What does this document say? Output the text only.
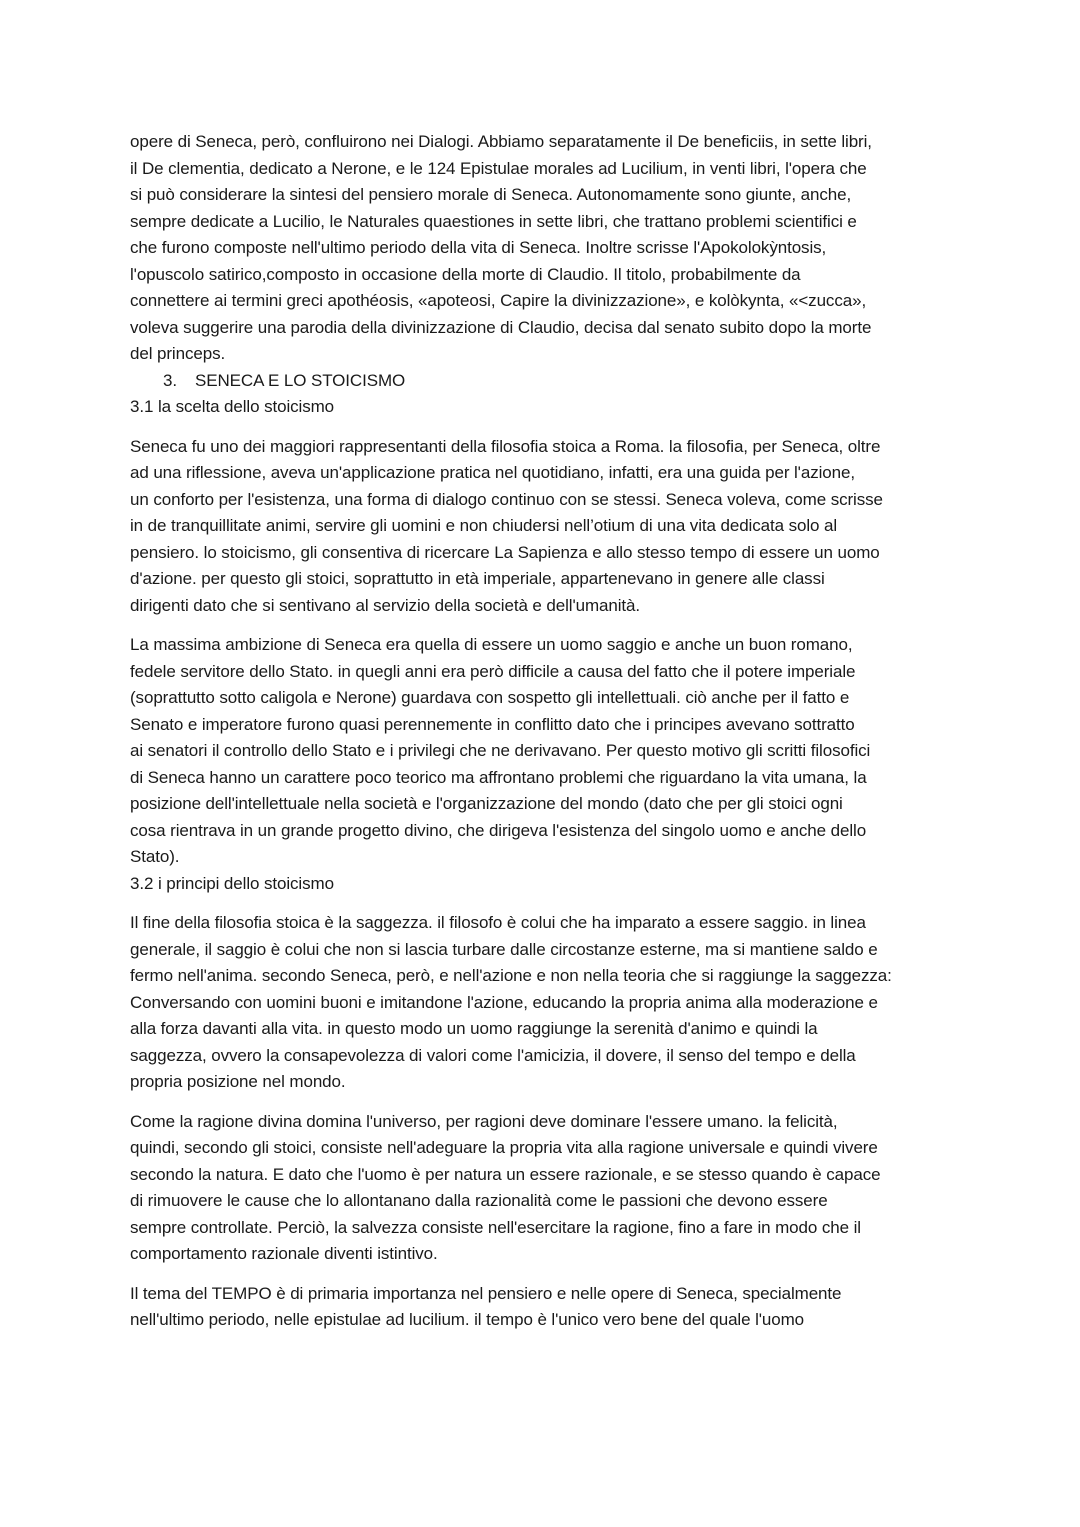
opere di Seneca, però, confluirono nei Dialogi. Abbiamo separatamente il De beneficiis, in sette libri,
il De clementia, dedicato a Nerone, e le 124 Epistulae morales ad Lucilium, in venti libri, l'opera che
si può considerare la sintesi del pensiero morale di Seneca. Autonomamente sono giunte, anche,
sempre dedicate a Lucilio, le Naturales quaestiones in sette libri, che trattano problemi scientifici e
che furono composte nell'ultimo periodo della vita di Seneca. Inoltre scrisse l'Apokolokỳntosis,
l'opuscolo satirico,composto in occasione della morte di Claudio. Il titolo, probabilmente da
connettere ai termini greci apothéosis, «apoteosi, Capire la divinizzazione», e kolòkynta, «<zucca»,
voleva suggerire una parodia della divinizzazione di Claudio, decisa dal senato subito dopo la morte
del princeps.

3. SENECA E LO STOICISMO

3.1 la scelta dello stoicismo

Seneca fu uno dei maggiori rappresentanti della filosofia stoica a Roma. la filosofia, per Seneca, oltre
ad una riflessione, aveva un'applicazione pratica nel quotidiano, infatti, era una guida per l'azione,
un conforto per l'esistenza, una forma di dialogo continuo con se stessi. Seneca voleva, come scrisse
in de tranquillitate animi, servire gli uomini e non chiudersi nell’otium di una vita dedicata solo al
pensiero. lo stoicismo, gli consentiva di ricercare La Sapienza e allo stesso tempo di essere un uomo
d'azione. per questo gli stoici, soprattutto in età imperiale, appartenevano in genere alle classi
dirigenti dato che si sentivano al servizio della società e dell'umanità.

La massima ambizione di Seneca era quella di essere un uomo saggio e anche un buon romano,
fedele servitore dello Stato. in quegli anni era però difficile a causa del fatto che il potere imperiale
(soprattutto sotto caligola e Nerone) guardava con sospetto gli intellettuali. ciò anche per il fatto e
Senato e imperatore furono quasi perennemente in conflitto dato che i principes avevano sottratto
ai senatori il controllo dello Stato e i privilegi che ne derivavano. Per questo motivo gli scritti filosofici
di Seneca hanno un carattere poco teorico ma affrontano problemi che riguardano la vita umana, la
posizione dell'intellettuale nella società e l'organizzazione del mondo (dato che per gli stoici ogni
cosa rientrava in un grande progetto divino, che dirigeva l'esistenza del singolo uomo e anche dello
Stato).

3.2 i principi dello stoicismo

Il fine della filosofia stoica è la saggezza. il filosofo è colui che ha imparato a essere saggio. in linea
generale, il saggio è colui che non si lascia turbare dalle circostanze esterne, ma si mantiene saldo e
fermo nell'anima. secondo Seneca, però, e nell'azione e non nella teoria che si raggiunge la saggezza:
Conversando con uomini buoni e imitandone l'azione, educando la propria anima alla moderazione e
alla forza davanti alla vita. in questo modo un uomo raggiunge la serenità d'animo e quindi la
saggezza, ovvero la consapevolezza di valori come l'amicizia, il dovere, il senso del tempo e della
propria posizione nel mondo.

Come la ragione divina domina l'universo, per ragioni deve dominare l'essere umano. la felicità,
quindi, secondo gli stoici, consiste nell'adeguare la propria vita alla ragione universale e quindi vivere
secondo la natura. E dato che l'uomo è per natura un essere razionale, e se stesso quando è capace
di rimuovere le cause che lo allontanano dalla razionalità come le passioni che devono essere
sempre controllate. Perciò, la salvezza consiste nell'esercitare la ragione, fino a fare in modo che il
comportamento razionale diventi istintivo.

Il tema del TEMPO è di primaria importanza nel pensiero e nelle opere di Seneca, specialmente
nell'ultimo periodo, nelle epistulae ad lucilium. il tempo è l'unico vero bene del quale l'uomo
